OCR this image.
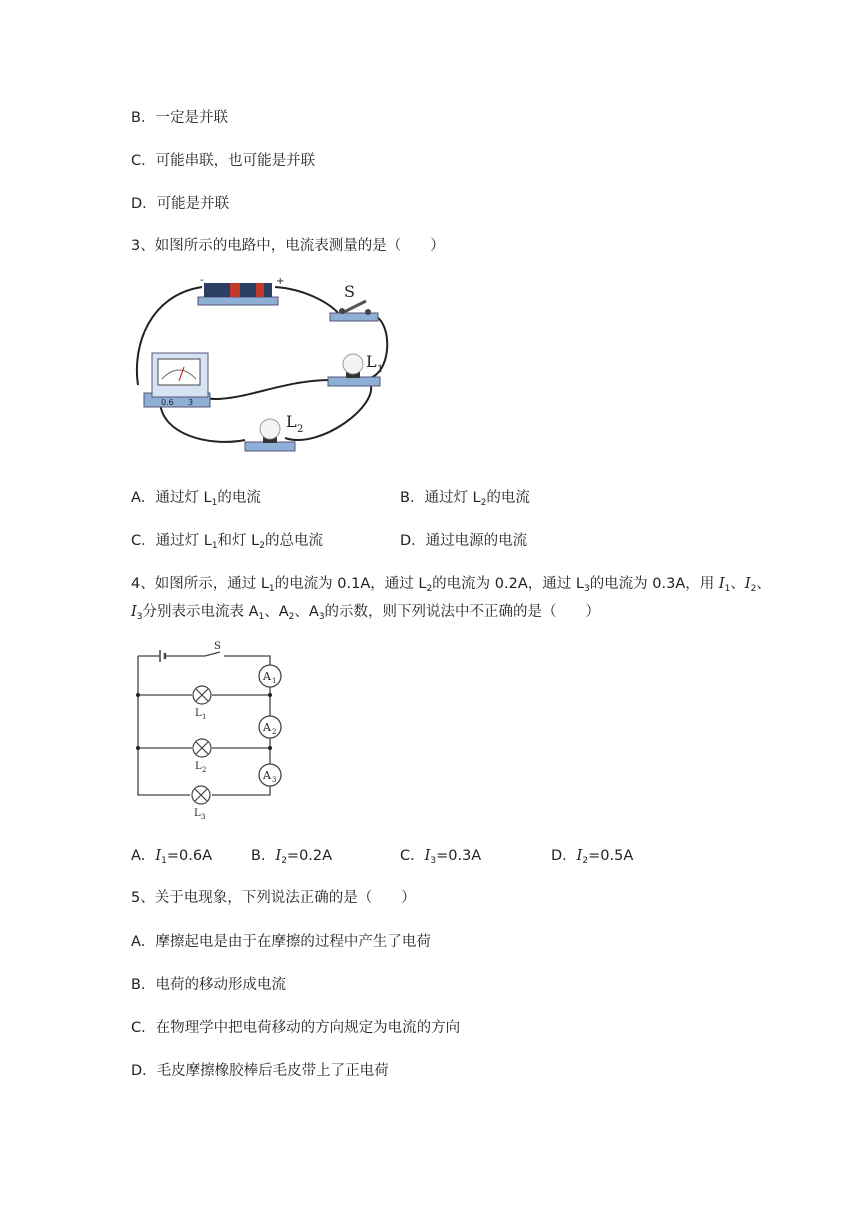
B．一定是并联
C．可能串联，也可能是并联
D．可能是并联
3、如图所示的电路中，电流表测量的是（　　）
-	+
S
L 1
0.6 3
L 2
A．通过灯 $L_1$的电流	B．通过灯 $L_2$的电流
C．通过灯 $L_1$和灯 $L_2$的总电流	D．通过电源的电流
4、如图所示，通过 $L_1$的电流为 0.1A，通过 $L_2$的电流为 0.2A，通过 $L_3$的电流为 0.3A，用 $I_1$、$I_2$、
$I_3$分别表示电流表 $A_1$、$A_2$、$A_3$的示数，则下列说法中不正确的是（　　）
A 1
A 2
A 3
S
L 1
L 2
L 3
A．$I_1=0.6A$	B．$I_2=0.2A$	C．$I_3=0.3A$	D．$I_2=0.5A$
5、关于电现象，下列说法正确的是（　　）
A．摩擦起电是由于在摩擦的过程中产生了电荷
B．电荷的移动形成电流
C．在物理学中把电荷移动的方向规定为电流的方向
D．毛皮摩擦橡胶棒后毛皮带上了正电荷
